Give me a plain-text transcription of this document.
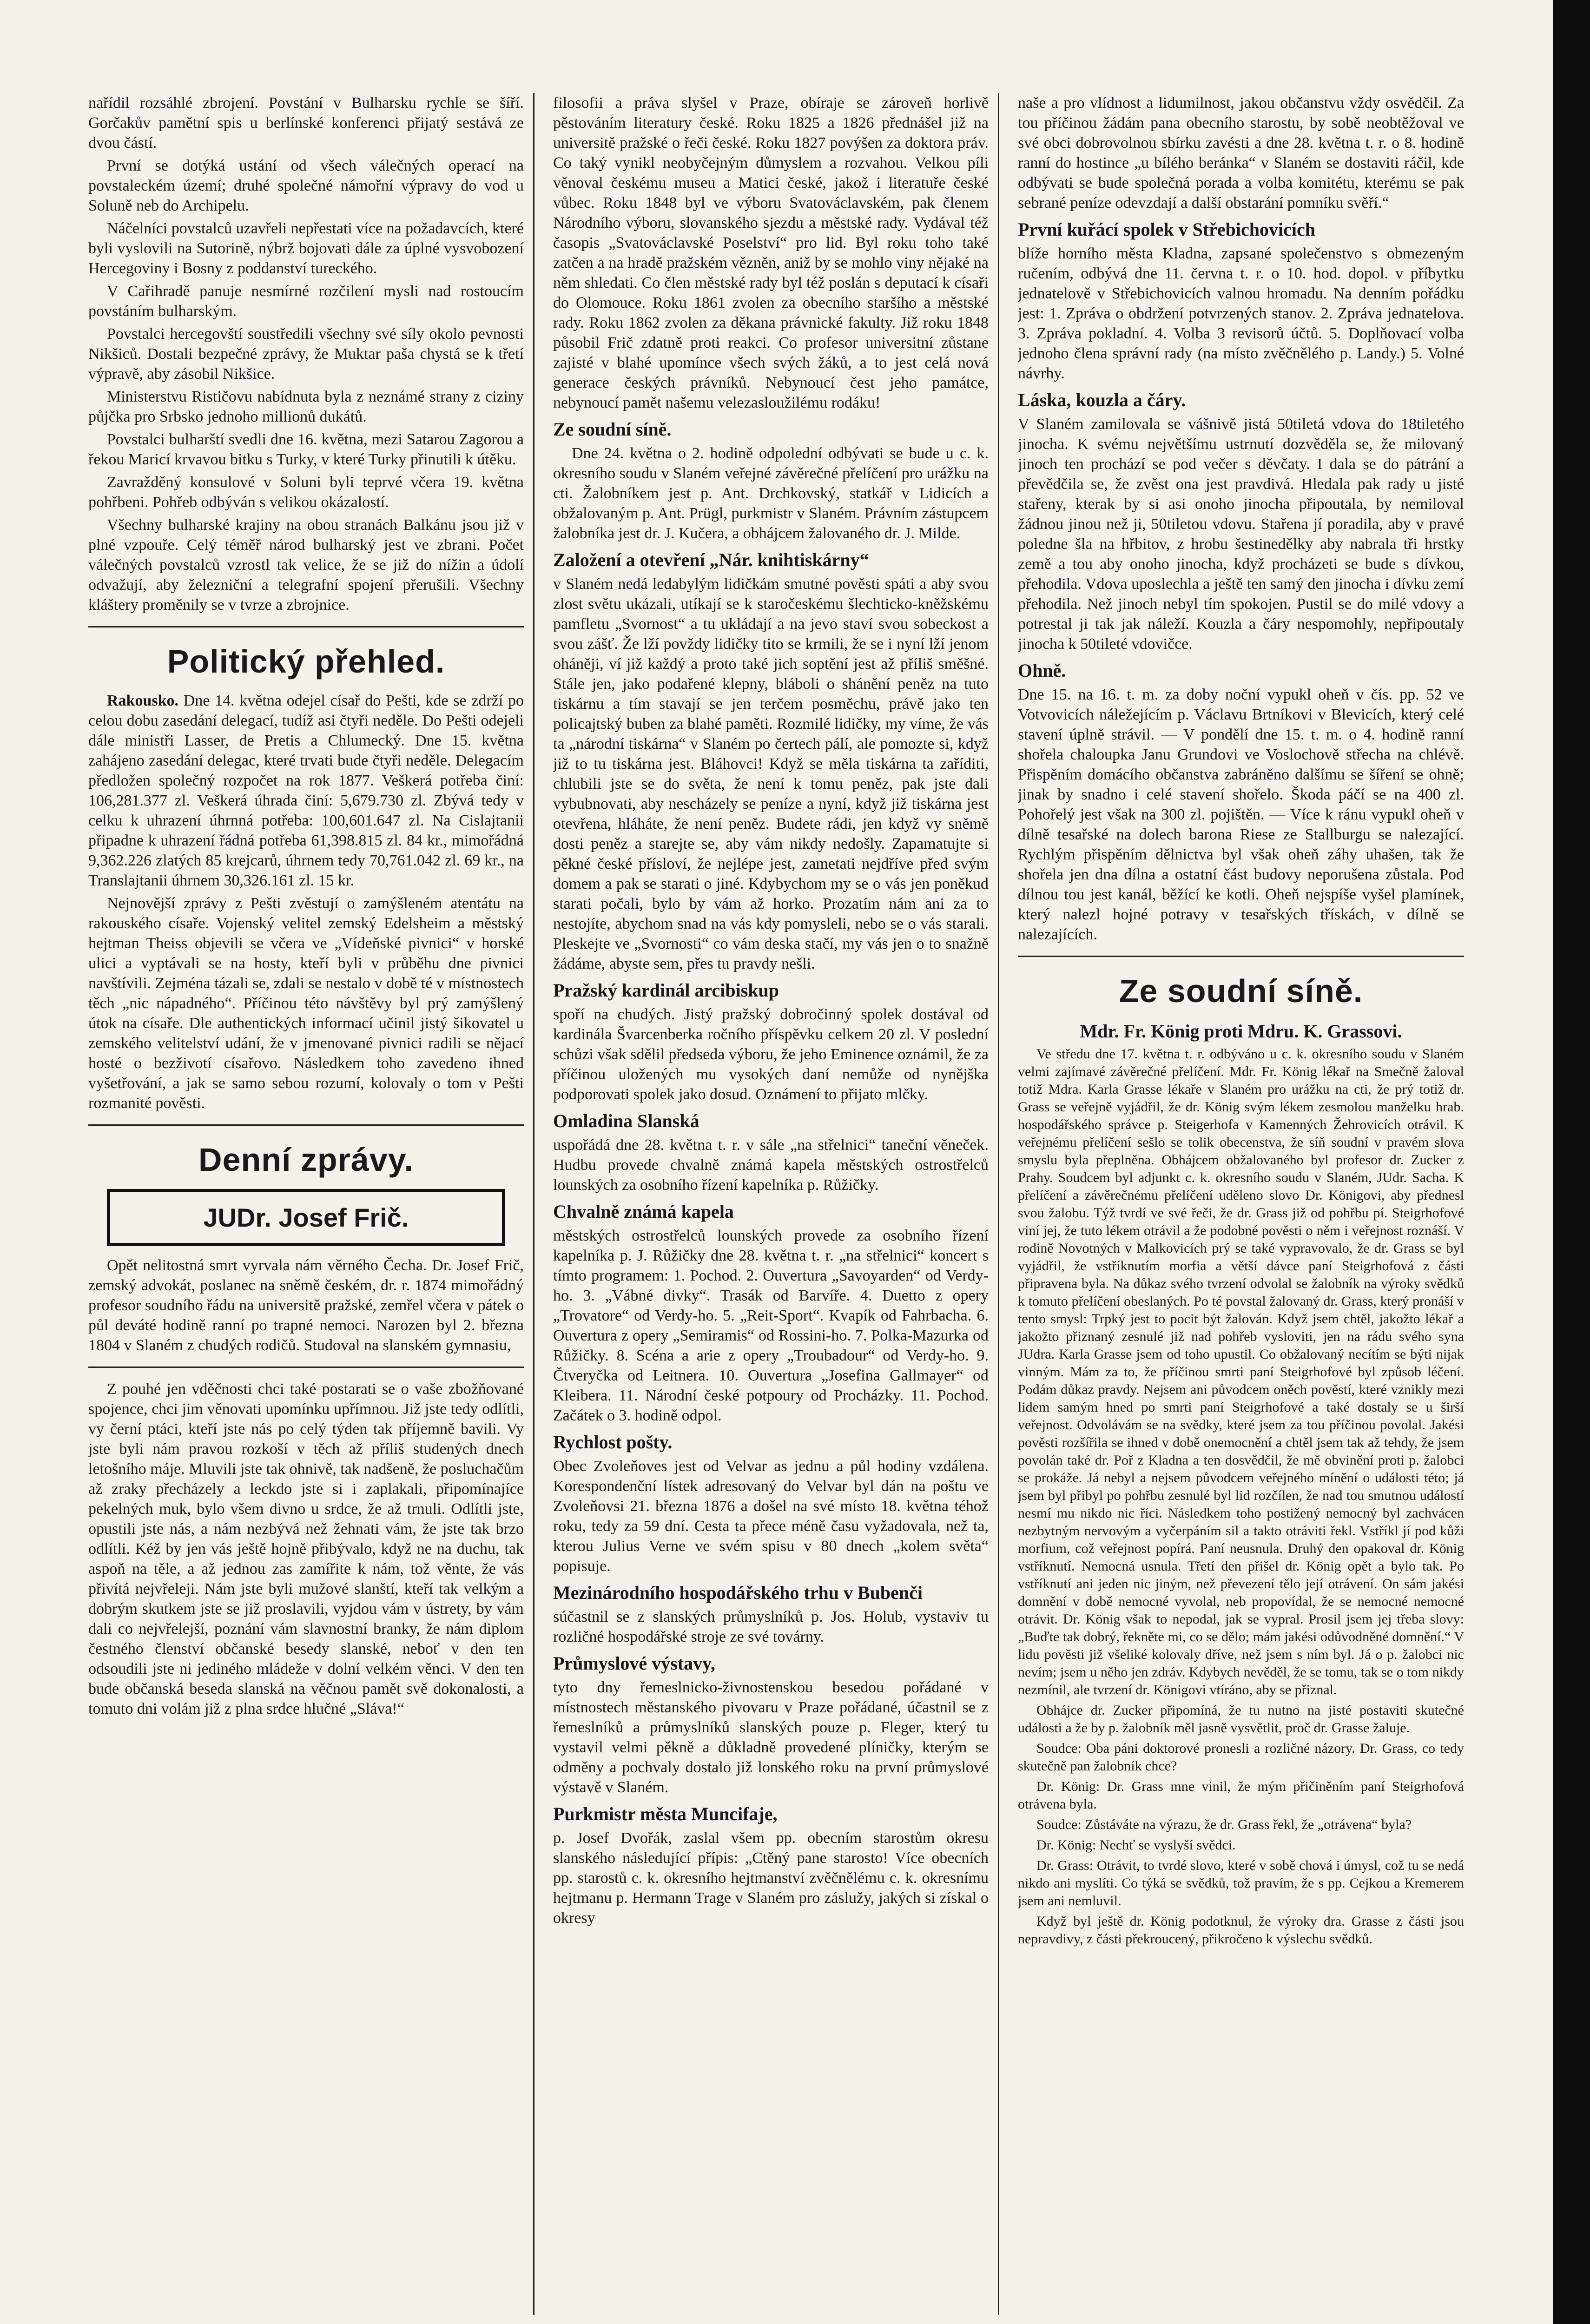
nařídil rozsáhlé zbrojení. Povstání v Bulharsku rychle se šíří. Gorčakův pamětní spis u berlínské konferenci přijatý sestává ze dvou částí.

První se dotýká ustání od všech válečných operací na povstaleckém území; druhé společné námořní výpravy do vod u Soluně neb do Archipelu.

Náčelníci povstalců uzavřeli nepřestati více na požadavcích, které byli vyslovili na Sutorině, nýbrž bojovati dále za úplné vysvobození Hercegoviny i Bosny z poddanství tureckého.

V Cařihradě panuje nesmírné rozčilení mysli nad rostoucím povstáním bulharským.

Povstalci hercegovští soustředili všechny své síly okolo pevnosti Nikšiců. Dostali bezpečné zprávy, že Muktar paša chystá se k třetí výpravě, aby zásobil Nikšice.

Ministerstvu Rističovu nabídnuta byla z neznámé strany z ciziny půjčka pro Srbsko jednoho millionů dukátů.

Povstalci bulharští svedli dne 16. května, mezi Satarou Zagorou a řekou Maricí krvavou bitku s Turky, v které Turky přinutili k útěku.

Zavražděný konsulové v Soluni byli teprvé včera 19. května pohřbeni. Pohřeb odbýván s velikou okázalostí.

Všechny bulharské krajiny na obou stranách Balkánu jsou již v plné vzpouře. Celý téměř národ bulharský jest ve zbrani. Počet válečných povstalců vzrostl tak velice, že se již do nížin a údolí odvažují, aby železniční a telegrafní spojení přerušili. Všechny kláštery proměnily se v tvrze a zbrojnice.

Politický přehled.

Rakousko. Dne 14. května odejel císař do Pešti, kde se zdrží po celou dobu zasedání delegací, tudíž asi čtyři neděle. Do Pešti odejeli dále ministři Lasser, de Pretis a Chlumecký. Dne 15. května zahájeno zasedání delegac, které trvati bude čtyři neděle. Delegacím předložen společný rozpočet na rok 1877. Veškerá potřeba činí: 106,281.377 zl. Veškerá úhrada činí: 5,679.730 zl. Zbývá tedy v celku k uhrazení úhrnná potřeba: 100,601.647 zl. Na Cislajtanii připadne k uhrazení řádná potřeba 61,398.815 zl. 84 kr., mimořádná 9,362.226 zlatých 85 krejcarů, úhrnem tedy 70,761.042 zl. 69 kr., na Translajtanii úhrnem 30,326.161 zl. 15 kr.

Nejnovější zprávy z Pešti zvěstují o zamýšleném atentátu na rakouského císaře. Vojenský velitel zemský Edelsheim a městský hejtman Theiss objevili se včera ve „Vídeňské pivnici“ v horské ulici a vyptávali se na hosty, kteří byli v průběhu dne pivnici navštívili. Zejména tázali se, zdali se nestalo v době té v místnostech těch „nic nápadného“. Příčinou této návštěvy byl prý zamýšlený útok na císaře. Dle authentických informací učinil jistý šikovatel u zemského velitelství udání, že v jmenované pivnici radili se nějací hosté o bezživotí císařovo. Následkem toho zavedeno ihned vyšetřování, a jak se samo sebou rozumí, kolovaly o tom v Pešti rozmanité pověsti.

Denní zprávy.
JUDr. Josef Frič.

Opět nelitostná smrt vyrvala nám věrného Čecha. Dr. Josef Frič, zemský advokát, poslanec na sněmě českém, dr. r. 1874 mimořádný profesor soudního řádu na universitě pražské, zemřel včera v pátek o půl deváté hodině ranní po trapné nemoci. Narozen byl 2. března 1804 v Slaném z chudých rodičů. Studoval na slanském gymnasiu,

Z pouhé jen vděčnosti chci také postarati se o vaše zbožňované spojence, chci jim věnovati upomínku upřímnou. Již jste tedy odlítli, vy černí ptáci, kteří jste nás po celý týden tak příjemně bavili. Vy jste byli nám pravou rozkoší v těch až příliš studených dnech letošního máje. Mluvili jste tak ohnivě, tak nadšeně, že posluchačům až zraky přecházely a leckdo jste si i zaplakali, připomínajíce pekelných muk, bylo všem divno u srdce, že až trnuli. Odlítli jste, opustili jste nás, a nám nezbývá než žehnati vám, že jste tak brzo odlítli. Kéž by jen vás ještě hojně přibývalo, když ne na duchu, tak aspoň na těle, a až jednou zas zamířite k nám, tož věnte, že vás přivítá nejvřeleji. Nám jste byli mužové slanští, kteří tak velkým a dobrým skutkem jste se již proslavili, vyjdou vám v ústrety, by vám dali co nejvřelejší, poznání vám slavnostní branky, že nám diplom čestného členství občanské besedy slanské, neboť v den ten odsoudili jste ni jediného mládeže v dolní velkém věnci. V den ten bude občanská beseda slanská na věčnou pamět svě dokonalosti, a tomuto dni volám již z plna srdce hlučné „Sláva!“

filosofii a práva slyšel v Praze, obíraje se zároveň horlivě pěstováním literatury české. Roku 1825 a 1826 přednášel již na universitě pražské o řeči české. Roku 1827 povýšen za doktora práv. Co taký vynikl neobyčejným důmyslem a rozvahou. Velkou píli věnoval českému museu a Matici české, jakož i literatuře české vůbec. Roku 1848 byl ve výboru Svatováclavském, pak členem Národního výboru, slovanského sjezdu a městské rady. Vydával též časopis „Svatováclavské Poselství“ pro lid. Byl roku toho také zatčen a na hradě pražském vězněn, aniž by se mohlo viny nějaké na něm shledati. Co člen městské rady byl též poslán s deputací k císaři do Olomouce. Roku 1861 zvolen za obecního staršího a městské rady. Roku 1862 zvolen za děkana právnické fakulty. Již roku 1848 působil Frič zdatně proti reakci. Co profesor universitní zůstane zajisté v blahé upomínce všech svých žáků, a to jest celá nová generace českých právníků. Nebynoucí čest jeho památce, nebynoucí pamět našemu velezasloužilému rodáku!

Ze soudní síně.

Dne 24. května o 2. hodině odpolední odbývati se bude u c. k. okresního soudu v Slaném veřejné závěrečné přelíčení pro urážku na cti. Žalobníkem jest p. Ant. Drchkovský, statkář v Lidicích a obžalovaným p. Ant. Prügl, purkmistr v Slaném. Právním zástupcem žalobníka jest dr. J. Kučera, a obhájcem žalovaného dr. J. Milde.

Založení a otevření „Nár. knihtiskárny“

v Slaném nedá ledabylým lidičkám smutné pověsti spáti a aby svou zlost světu ukázali, utíkají se k staročeskému šlechticko-kněžskému pamfletu „Svornost“ a tu ukládají a na jevo staví svou sobeckost a svou zášť. Že lží povždy lidičky tito se krmili, že se i nyní lží jenom oháněji, ví již každý a proto také jich soptění jest až příliš směšné. Stále jen, jako podařené klepny, bláboli o shánění peněz na tuto tiskárnu a tím stavají se jen terčem posměchu, právě jako ten policajtský buben za blahé paměti. Rozmilé lidičky, my víme, že vás ta „národní tiskárna“ v Slaném po čertech pálí, ale pomozte si, když již to tu tiskárna jest. Bláhovci! Když se měla tiskárna ta zaříditi, chlubili jste se do světa, že není k tomu peněz, pak jste dali vybubnovati, aby nescházely se peníze a nyní, když již tiskárna jest otevřena, hláháte, že není peněz. Budete rádi, jen když vy sněmě dosti peněz a starejte se, aby vám nikdy nedošly. Zapamatujte si pěkné české přísloví, že nejlépe jest, zametati nejdříve před svým domem a pak se starati o jiné. Kdybychom my se o vás jen poněkud starati počali, bylo by vám až horko. Prozatím nám ani za to nestojíte, abychom snad na vás kdy pomysleli, nebo se o vás starali. Pleskejte ve „Svornosti“ co vám deska stačí, my vás jen o to snažně žádáme, abyste sem, přes tu pravdy nešli.

Pražský kardinál arcibiskup

spoří na chudých. Jistý pražský dobročinný spolek dostával od kardinála Švarcenberka ročního příspěvku celkem 20 zl. V poslední schůzi však sdělil předseda výboru, že jeho Eminence oznámil, že za příčinou uložených mu vysokých daní nemůže od nynějška podporovati spolek jako dosud. Oznámení to přijato mlčky.

Omladina Slanská

uspořádá dne 28. května t. r. v sále „na střelnici“ taneční věneček. Hudbu provede chvalně známá kapela městských ostrostřelců lounských za osobního řízení kapelníka p. Růžičky.

Chvalně známá kapela

městských ostrostřelců lounských provede za osobního řízení kapelníka p. J. Růžičky dne 28. května t. r. „na střelnici“ koncert s tímto programem: 1. Pochod. 2. Ouvertura „Savoyarden“ od Verdy-ho. 3. „Vábné divky“. Trasák od Barvíře. 4. Duetto z opery „Trovatore“ od Verdy-ho. 5. „Reit-Sport“. Kvapík od Fahrbacha. 6. Ouvertura z opery „Semiramis“ od Rossini-ho. 7. Polka-Mazurka od Růžičky. 8. Scéna a arie z opery „Troubadour“ od Verdy-ho. 9. Čtveryčka od Leitnera. 10. Ouvertura „Josefina Gallmayer“ od Kleibera. 11. Národní české potpoury od Procházky. 11. Pochod. Začátek o 3. hodině odpol.

Rychlost pošty.

Obec Zvoleňoves jest od Velvar as jednu a půl hodiny vzdálena. Korespondenční lístek adresovaný do Velvar byl dán na poštu ve Zvoleňovsi 21. března 1876 a došel na své místo 18. května téhož roku, tedy za 59 dní. Cesta ta přece méně času vyžadovala, než ta, kterou Julius Verne ve svém spisu v 80 dnech „kolem světa“ popisuje.

Mezinárodního hospodářského trhu v Bubenči

súčastnil se z slanských průmyslníků p. Jos. Holub, vystaviv tu rozličné hospodářské stroje ze své továrny.

Průmyslové výstavy,

tyto dny řemeslnicko-živnostenskou besedou pořádané v místnostech městanského pivovaru v Praze pořádané, účastnil se z řemeslníků a průmyslníků slanských pouze p. Fleger, který tu vystavil velmi pěkně a důkladně provedené plíničky, kterým se odměny a pochvaly dostalo již lonského roku na první průmyslové výstavě v Slaném.

Purkmistr města Muncifaje,

p. Josef Dvořák, zaslal všem pp. obecním starostům okresu slanského následující přípis: „Ctěný pane starosto! Více obecních pp. starostů c. k. okresního hejtmanství zvěčnělému c. k. okresnímu hejtmanu p. Hermann Trage v Slaném pro záslužy, jakých si získal o okresy

naše a pro vlídnost a lidumilnost, jakou občanstvu vždy osvědčil. Za tou příčinou žádám pana obecního starostu, by sobě neobtěžoval ve své obci dobrovolnou sbírku zavésti a dne 28. května t. r. o 8. hodině ranní do hostince „u bílého beránka“ v Slaném se dostaviti ráčil, kde odbývati se bude společná porada a volba komitétu, kterému se pak sebrané peníze odevzdají a další obstarání pomníku svěří.“

První kuřácí spolek v Střebichovicích

blíže horního města Kladna, zapsané společenstvo s obmezeným ručením, odbývá dne 11. června t. r. o 10. hod. dopol. v příbytku jednatelově v Střebichovicích valnou hromadu. Na denním pořádku jest: 1. Zpráva o obdržení potvrzených stanov. 2. Zpráva jednatelova. 3. Zpráva pokladní. 4. Volba 3 revisorů účtů. 5. Doplňovací volba jednoho člena správní rady (na místo zvěčnělého p. Landy.) 5. Volné návrhy.

Láska, kouzla a čáry.

V Slaném zamilovala se vášnivě jistá 50tiletá vdova do 18tiletého jinocha. K svému největšímu ustrnutí dozvěděla se, že milovaný jinoch ten prochází se pod večer s děvčaty. I dala se do pátrání a převědčila se, že zvěst ona jest pravdivá. Hledala pak rady u jisté stařeny, kterak by si asi onoho jinocha připoutala, by nemiloval žádnou jinou než ji, 50tiletou vdovu. Stařena jí poradila, aby v pravé poledne šla na hřbitov, z hrobu šestinedělky aby nabrala tři hrstky země a tou aby onoho jinocha, když procházeti se bude s dívkou, přehodila. Vdova uposlechla a ještě ten samý den jinocha i dívku zemí přehodila. Než jinoch nebyl tím spokojen. Pustil se do milé vdovy a potrestal ji tak jak náleží. Kouzla a čáry nespomohly, nepřipoutaly jinocha k 50tileté vdovičce.

Ohně.

Dne 15. na 16. t. m. za doby noční vypukl oheň v čís. pp. 52 ve Votvovicích náležejícím p. Václavu Brtníkovi v Blevicích, který celé stavení úplně strávil. — V pondělí dne 15. t. m. o 4. hodině ranní shořela chaloupka Janu Grundovi ve Voslochově střecha na chlévě. Přispěním domácího občanstva zabráněno dalšímu se šíření se ohně; jinak by snadno i celé stavení shořelo. Škoda páčí se na 400 zl. Pohořelý jest však na 300 zl. pojištěn. — Více k ránu vypukl oheň v dílně tesařské na dolech barona Riese ze Stallburgu se nalezající. Rychlým přispěním dělnictva byl však oheň záhy uhašen, tak že shořela jen dna dílna a ostatní část budovy neporušena zůstala. Pod dílnou tou jest kanál, běžící ke kotli. Oheň nejspíše vyšel plamínek, který nalezl hojné potravy v tesařských třískách, v dílně se nalezajících.

Ze soudní síně.
Mdr. Fr. König proti Mdru. K. Grassovi.

Ve středu dne 17. května t. r. odbýváno u c. k. okresního soudu v Slaném velmi zajímavé závěrečné přelíčení. Mdr. Fr. König lékař na Smečně žaloval totiž Mdra. Karla Grasse lékaře v Slaném pro urážku na cti, že prý totiž dr. Grass se veřejně vyjádřil, že dr. König svým lékem zesmolou manželku hrab. hospodářského správce p. Steigerhofa v Kamenných Žehrovicích otrávil. K veřejnému přelíčení sešlo se tolik obecenstva, že síň soudní v pravém slova smyslu byla přeplněna. Obhájcem obžalovaného byl profesor dr. Zucker z Prahy. Soudcem byl adjunkt c. k. okresního soudu v Slaném, JUdr. Sacha. K přelíčení a závěrečnému přelíčení uděleno slovo Dr. Königovi, aby přednesl svou žalobu. Týž tvrdí ve své řeči, že dr. Grass již od pohřbu pí. Steigrhofové viní jej, že tuto lékem otrávil a že podobné pověsti o něm i veřejnost roznáší. V rodině Novotných v Malkovicích prý se také vypravovalo, že dr. Grass se byl vyjádřil, že vstříknutím morfia a větší dávce paní Steigrhofová z části připravena byla. Na důkaz svého tvrzení odvolal se žalobník na výroky svědků k tomuto přelíčení obeslaných. Po té povstal žalovaný dr. Grass, který pronáší v tento smysl: Trpký jest to pocit být žalován. Když jsem chtěl, jakožto lékař a jakožto přiznaný zesnulé již nad pohřeb vysloviti, jen na rádu svého syna JUdra. Karla Grasse jsem od toho upustil. Co obžalovaný necítím se býti nijak vinným. Mám za to, že příčinou smrti paní Steigrhofové byl způsob léčení. Podám důkaz pravdy. Nejsem ani původcem oněch pověstí, které vznikly mezi lidem samým hned po smrti paní Steigrhofové a také dostaly se u širší veřejnost. Odvolávám se na svědky, které jsem za tou příčinou povolal. Jakési pověsti rozšířila se ihned v době onemocnění a chtěl jsem tak až tehdy, že jsem povolán také dr. Poř z Kladna a ten dosvědčil, že mě obvinění proti p. žalobci se prokáže. Já nebyl a nejsem původcem veřejného mínění o události této; já jsem byl přibyl po pohřbu zesnulé byl lid rozčílen, že nad tou smutnou událostí nesmí mu nikdo nic říci. Následkem toho postižený nemocný byl zachvácen nezbytným nervovým a vyčerpáním sil a takto otráviti řekl. Vstříkl jí pod kůži morfium, což veřejnost popírá. Paní neusnula. Druhý den opakoval dr. König vstříknutí. Nemocná usnula. Třetí den přišel dr. König opět a bylo tak. Po vstříknutí ani jeden nic jiným, než převezení tělo její otrávení. On sám jakési domnění v době nemocné vyvolal, neb propovídal, že se nemocné nemocné otrávit. Dr. König však to nepodal, jak se vypral. Prosil jsem jej třeba slovy: „Buďte tak dobrý, řekněte mi, co se dělo; mám jakési odůvodněné domnění.“ V lidu pověsti již všeliké kolovaly dříve, než jsem s ním byl. Já o p. žalobci nic nevím; jsem u něho jen zdráv. Kdybych nevěděl, že se tomu, tak se o tom nikdy nezmínil, ale tvrzení dr. Königovi vtíráno, aby se přiznal.

Obhájce dr. Zucker připomíná, že tu nutno na jisté postaviti skutečné události a že by p. žalobník měl jasně vysvětlit, proč dr. Grasse žaluje.

Soudce: Oba páni doktorové pronesli a rozličné názory. Dr. Grass, co tedy skutečně pan žalobník chce?

Dr. König: Dr. Grass mne vinil, že mým přičiněním paní Steigrhofová otrávena byla.

Soudce: Zůstáváte na výrazu, že dr. Grass řekl, že „otrávena“ byla?

Dr. König: Nechť se vyslyší svědci.

Dr. Grass: Otrávit, to tvrdé slovo, které v sobě chová i úmysl, což tu se nedá nikdo ani myslíti. Co týká se svědků, tož pravím, že s pp. Cejkou a Kremerem jsem ani nemluvil.

Když byl ještě dr. König podotknul, že výroky dra. Grasse z části jsou nepravdivy, z části překroucený, přikročeno k výslechu svědků.
